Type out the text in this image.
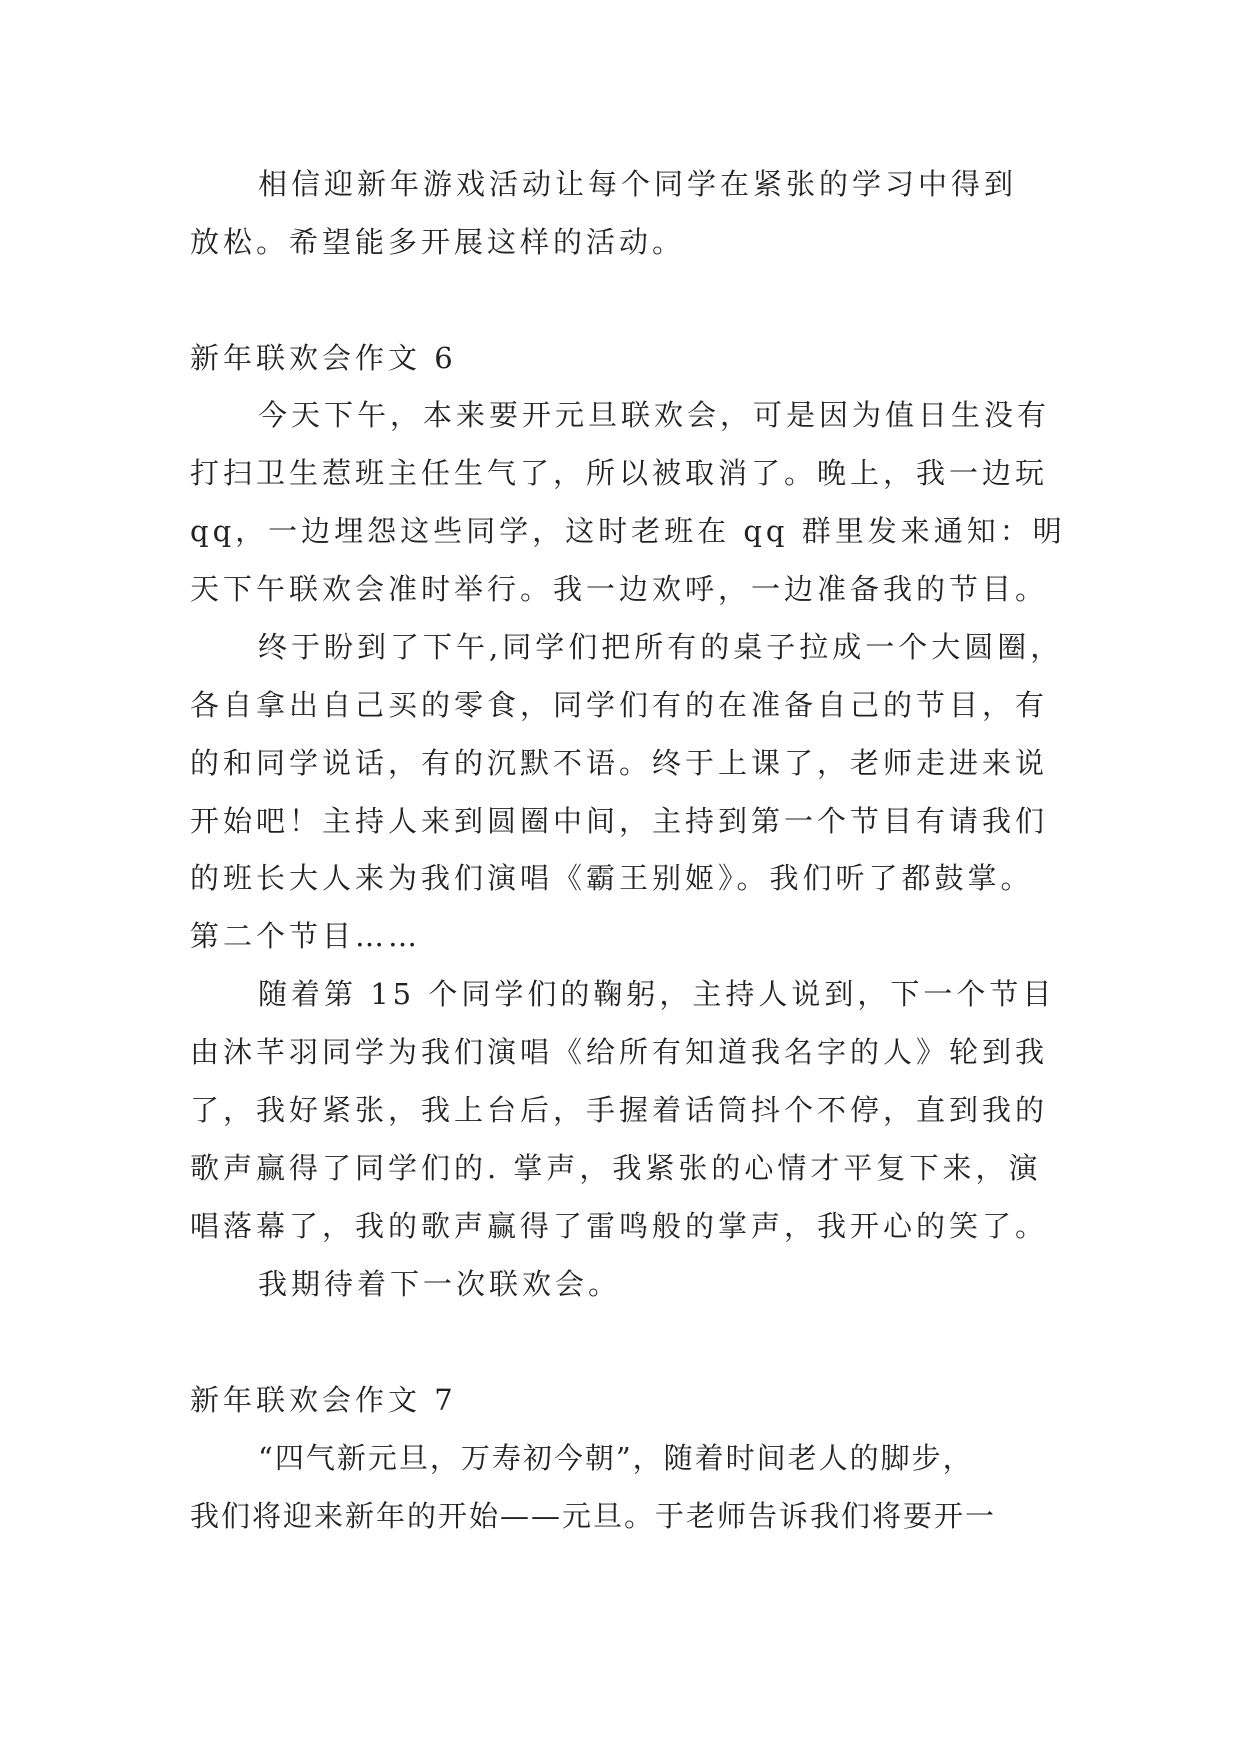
相信迎新年游戏活动让每个同学在紧张的学习中得到
放松。希望能多开展这样的活动。
新年联欢会作文 6
今天下午，本来要开元旦联欢会，可是因为值日生没有
打扫卫生惹班主任生气了，所以被取消了。晚上，我一边玩
qq，一边埋怨这些同学，这时老班在 qq 群里发来通知：明
天下午联欢会准时举行。我一边欢呼，一边准备我的节目。
终于盼到了下午,同学们把所有的桌子拉成一个大圆圈，
各自拿出自己买的零食，同学们有的在准备自己的节目，有
的和同学说话，有的沉默不语。终于上课了，老师走进来说
开始吧！主持人来到圆圈中间，主持到第一个节目有请我们
的班长大人来为我们演唱《霸王别姬》。我们听了都鼓掌。
第二个节目……
随着第 15 个同学们的鞠躬，主持人说到，下一个节目
由沐芊羽同学为我们演唱《给所有知道我名字的人》轮到我
了，我好紧张，我上台后，手握着话筒抖个不停，直到我的
歌声赢得了同学们的. 掌声，我紧张的心情才平复下来，演
唱落幕了，我的歌声赢得了雷鸣般的掌声，我开心的笑了。
我期待着下一次联欢会。
新年联欢会作文 7
“四气新元旦，万寿初今朝”，随着时间老人的脚步，
我们将迎来新年的开始——元旦。于老师告诉我们将要开一
